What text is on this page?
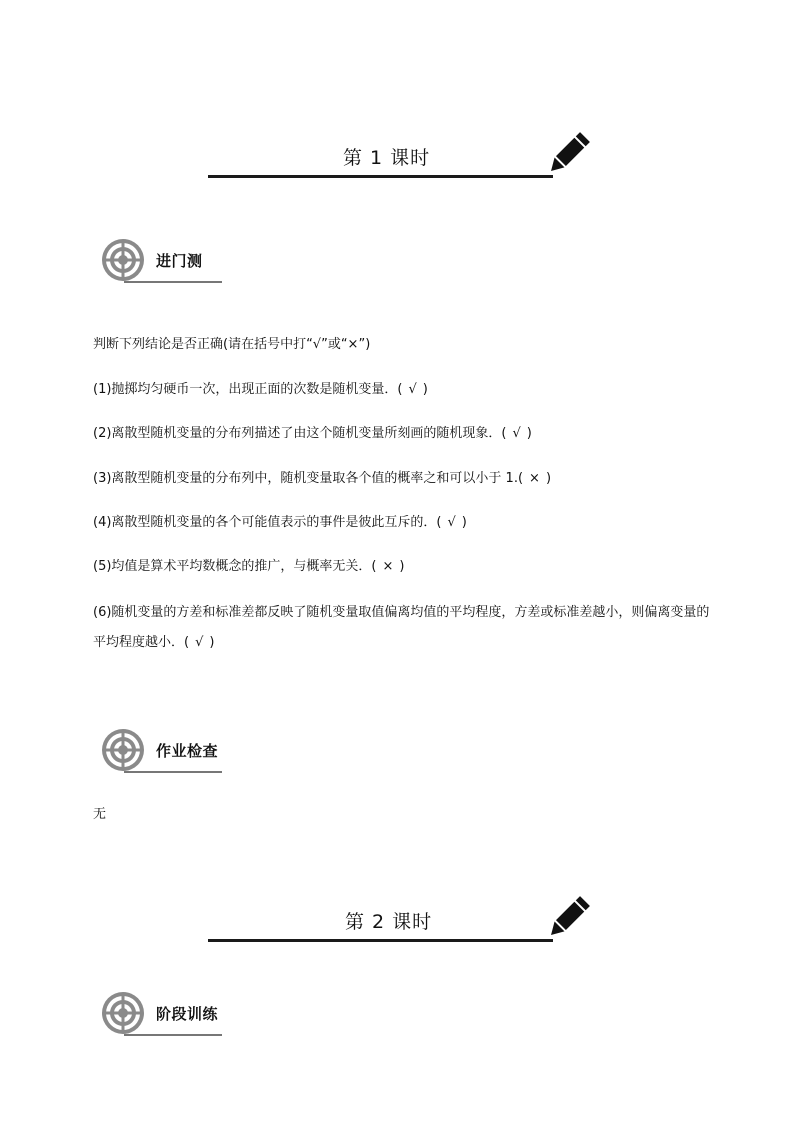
第 1 课时
进门测
判断下列结论是否正确(请在括号中打“√”或“×”)
(1)抛掷均匀硬币一次，出现正面的次数是随机变量．( √ )
(2)离散型随机变量的分布列描述了由这个随机变量所刻画的随机现象．( √ )
(3)离散型随机变量的分布列中，随机变量取各个值的概率之和可以小于 1.( × )
(4)离散型随机变量的各个可能值表示的事件是彼此互斥的．( √ )
(5)均值是算术平均数概念的推广，与概率无关．( × )
(6)随机变量的方差和标准差都反映了随机变量取值偏离均值的平均程度，方差或标准差越小，则偏离变量的平均程度越小．( √ )
作业检查
无
第 2 课时
阶段训练
